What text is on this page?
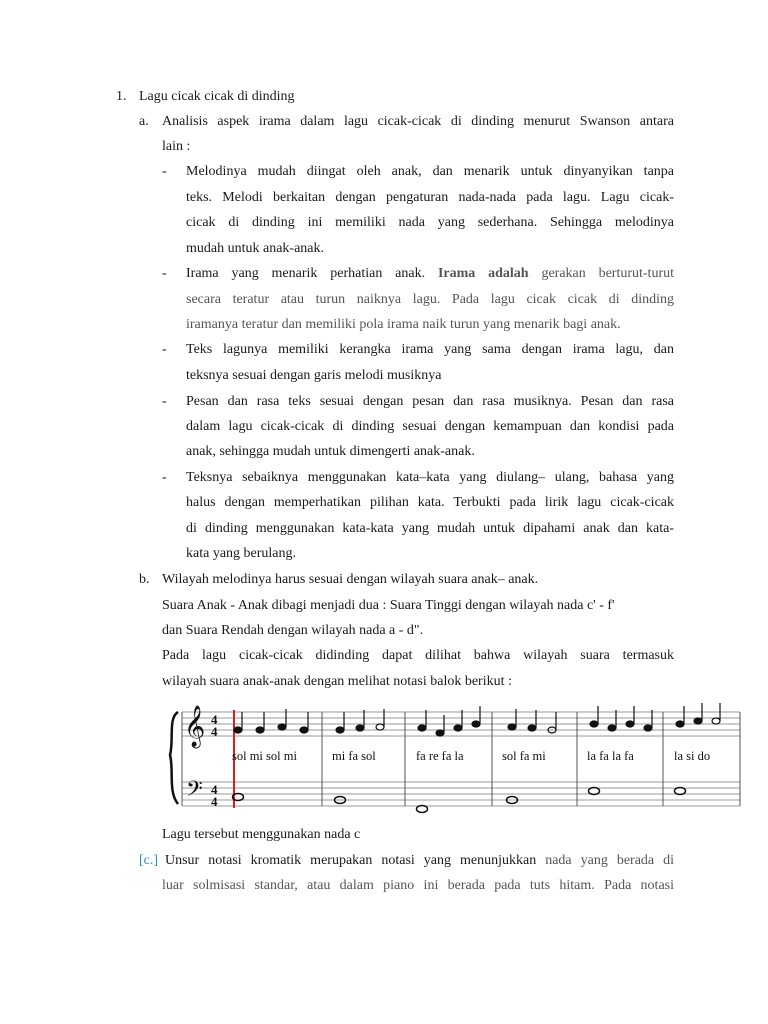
1. Lagu cicak cicak di dinding
a. Analisis aspek irama dalam lagu cicak-cicak di dinding menurut Swanson antara
lain :
- Melodinya mudah diingat oleh anak, dan menarik untuk dinyanyikan tanpa
teks. Melodi berkaitan dengan pengaturan nada-nada pada lagu. Lagu cicak-
cicak di dinding ini memiliki nada yang sederhana. Sehingga melodinya
mudah untuk anak-anak.
- Irama yang menarik perhatian anak. Irama adalah gerakan berturut-turut
secara teratur atau turun naiknya lagu. Pada lagu cicak cicak di dinding
iramanya teratur dan memiliki pola irama naik turun yang menarik bagi anak.
- Teks lagunya memiliki kerangka irama yang sama dengan irama lagu, dan
teksnya sesuai dengan garis melodi musiknya
- Pesan dan rasa teks sesuai dengan pesan dan rasa musiknya. Pesan dan rasa
dalam lagu cicak-cicak di dinding sesuai dengan kemampuan dan kondisi pada
anak, sehingga mudah untuk dimengerti anak-anak.
- Teksnya sebaiknya menggunakan kata–kata yang diulang– ulang, bahasa yang
halus dengan memperhatikan pilihan kata. Terbukti pada lirik lagu cicak-cicak
di dinding menggunakan kata-kata yang mudah untuk dipahami anak dan kata-
kata yang berulang.
b. Wilayah melodinya harus sesuai dengan wilayah suara anak– anak.
Suara Anak - Anak dibagi menjadi dua : Suara Tinggi dengan wilayah nada c' - f'
dan Suara Rendah dengan wilayah nada a - d".
Pada lagu cicak-cicak didinding dapat dilihat bahwa wilayah suara termasuk
wilayah suara anak-anak dengan melihat notasi balok berikut :
𝄞
𝄢
4
4
4
4
sol mi sol mi	mi fa sol	fa re fa la	sol fa mi	la fa la fa	la si do
Lagu tersebut menggunakan nada c
[c.] Unsur notasi kromatik merupakan notasi yang menunjukkan nada yang berada di
luar solmisasi standar, atau dalam piano ini berada pada tuts hitam. Pada notasi
